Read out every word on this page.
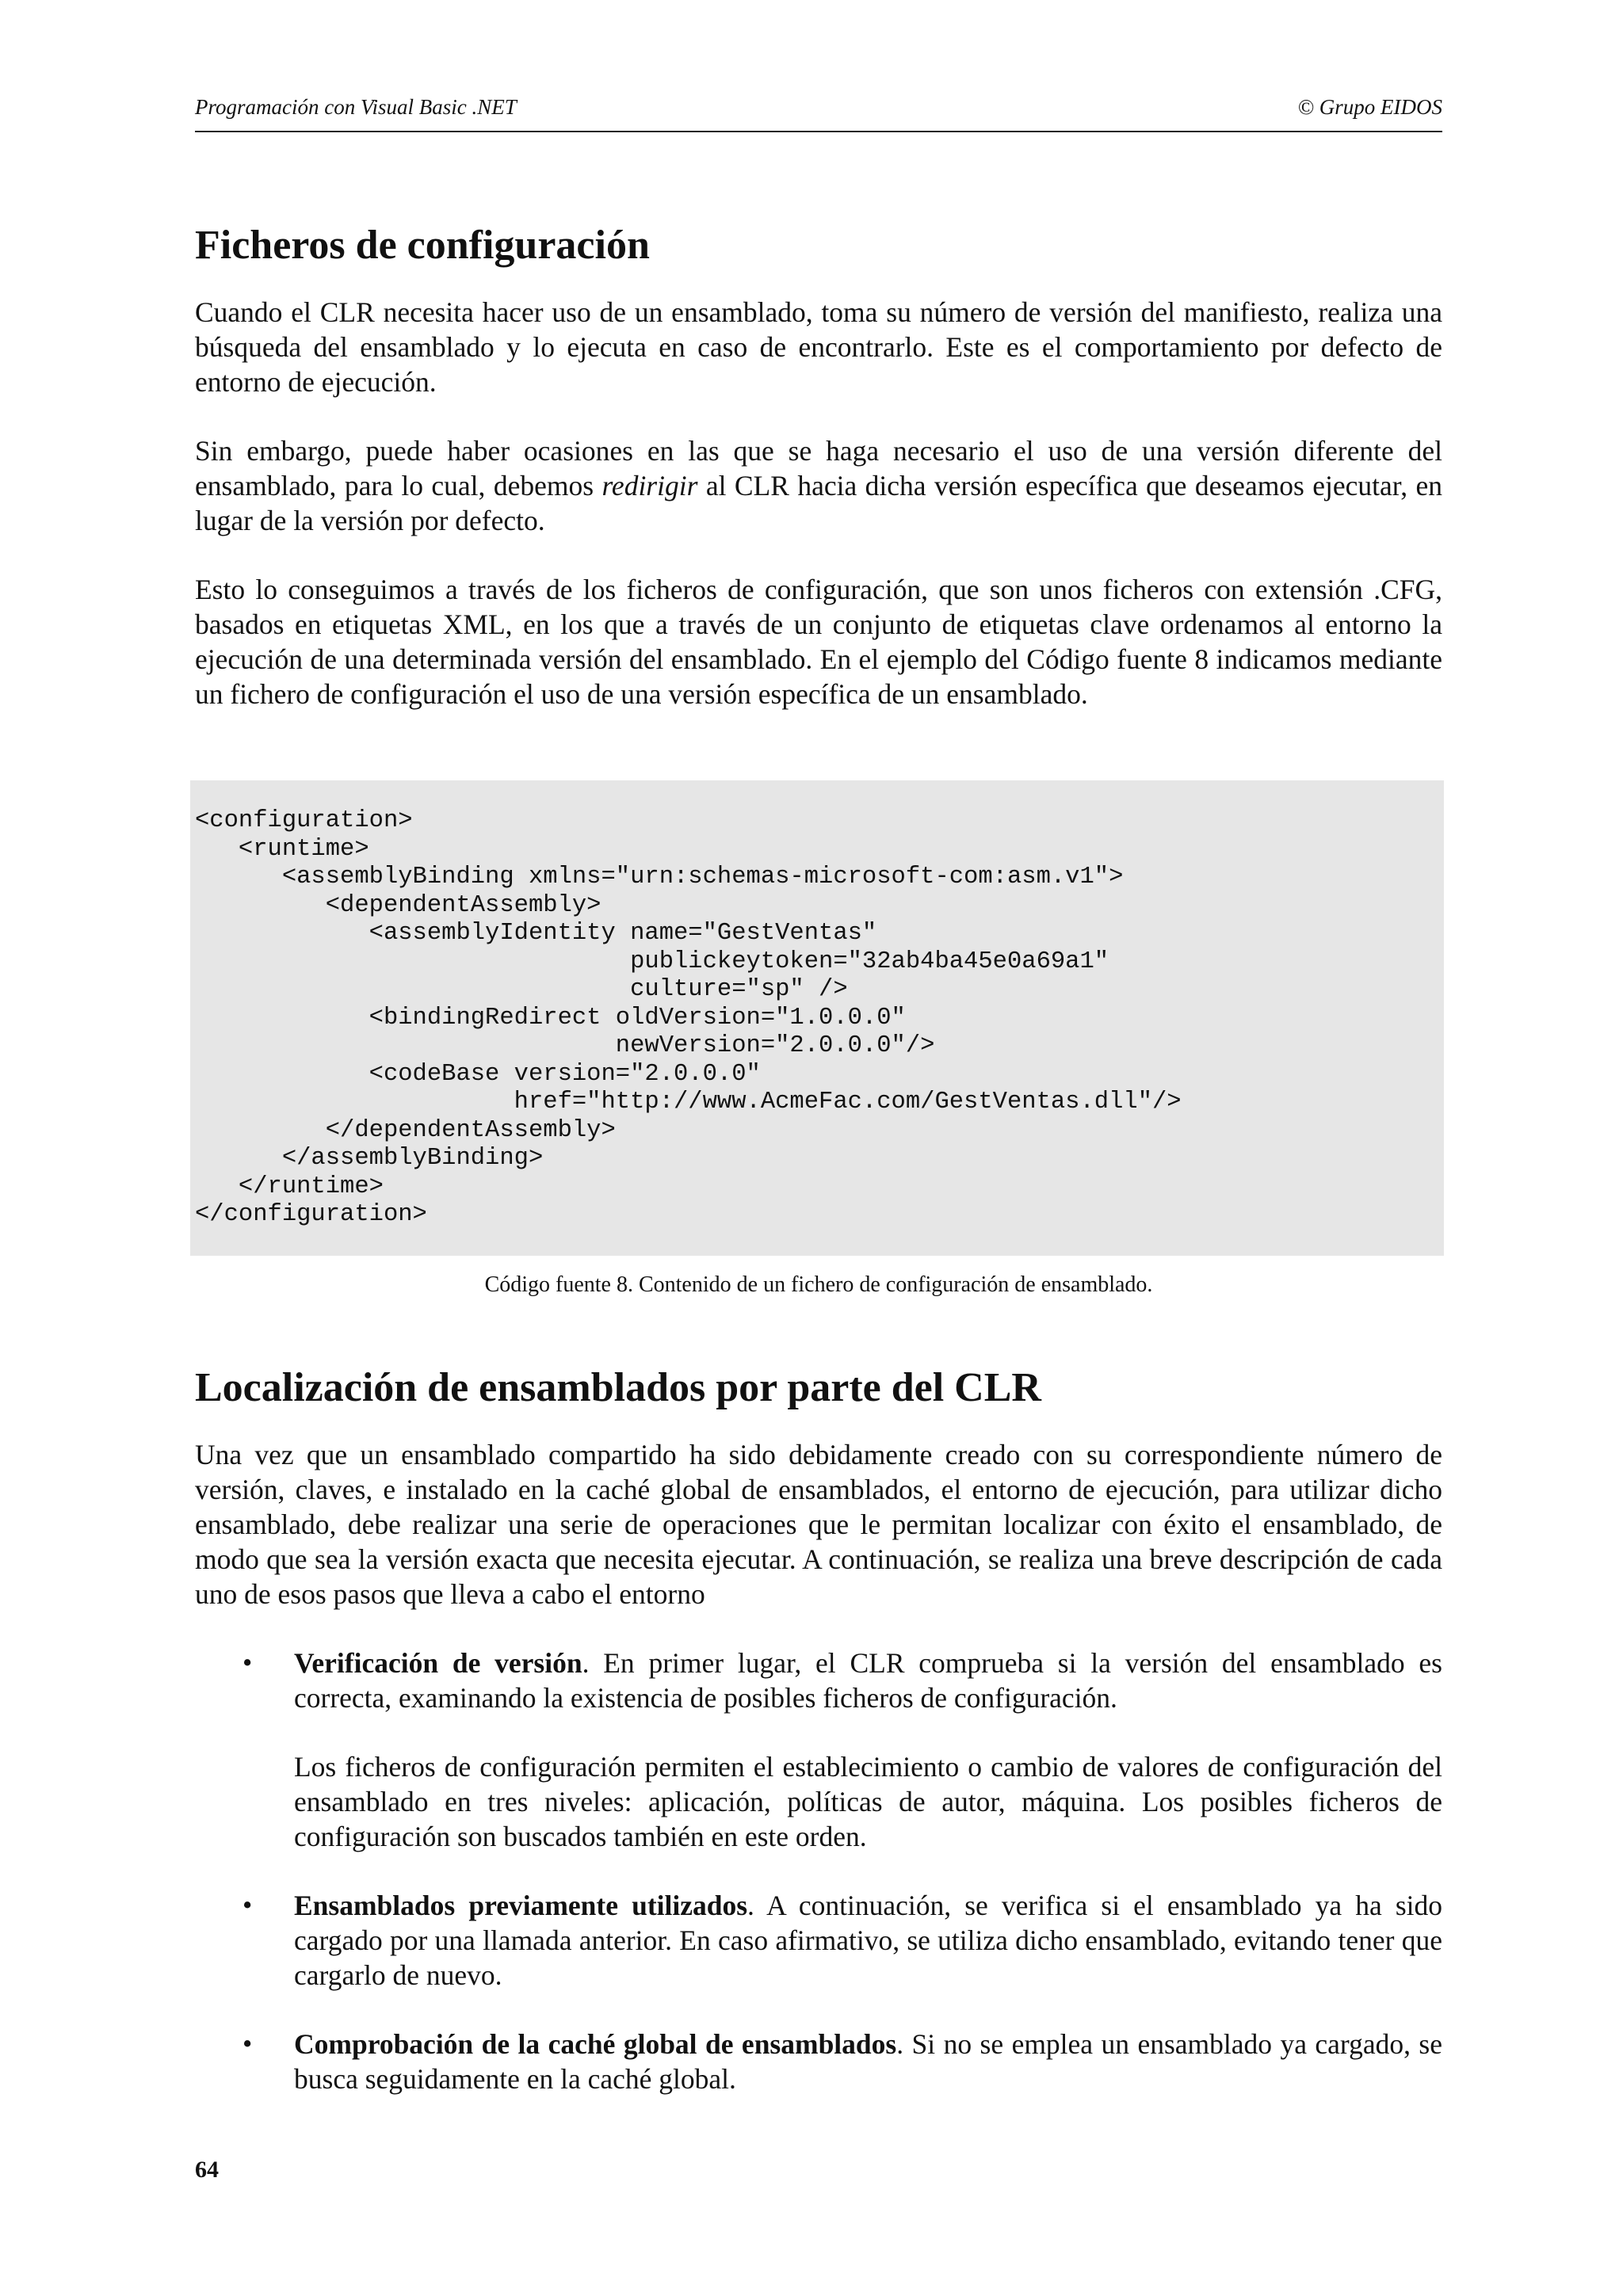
Programación con Visual Basic .NET	© Grupo EIDOS
Ficheros de configuración

Cuando el CLR necesita hacer uso de un ensamblado, toma su número de versión del manifiesto, realiza una búsqueda del ensamblado y lo ejecuta en caso de encontrarlo. Este es el comportamiento por defecto de entorno de ejecución.

Sin embargo, puede haber ocasiones en las que se haga necesario el uso de una versión diferente del ensamblado, para lo cual, debemos redirigir al CLR hacia dicha versión específica que deseamos ejecutar, en lugar de la versión por defecto.

Esto lo conseguimos a través de los ficheros de configuración, que son unos ficheros con extensión .CFG, basados en etiquetas XML, en los que a través de un conjunto de etiquetas clave ordenamos al entorno la ejecución de una determinada versión del ensamblado. En el ejemplo del Código fuente 8 indicamos mediante un fichero de configuración el uso de una versión específica de un ensamblado.

<configuration>
<runtime>
<assemblyBinding xmlns="urn:schemas-microsoft-com:asm.v1">
<dependentAssembly>
<assemblyIdentity name="GestVentas"
publickeytoken="32ab4ba45e0a69a1"
culture="sp" />
<bindingRedirect oldVersion="1.0.0.0"
newVersion="2.0.0.0"/>
<codeBase version="2.0.0.0"
href="http://www.AcmeFac.com/GestVentas.dll"/>
</dependentAssembly>
</assemblyBinding>
</runtime>
</configuration>
Código fuente 8. Contenido de un fichero de configuración de ensamblado.
Localización de ensamblados por parte del CLR

Una vez que un ensamblado compartido ha sido debidamente creado con su correspondiente número de versión, claves, e instalado en la caché global de ensamblados, el entorno de ejecución, para utilizar dicho ensamblado, debe realizar una serie de operaciones que le permitan localizar con éxito el ensamblado, de modo que sea la versión exacta que necesita ejecutar. A continuación, se realiza una breve descripción de cada uno de esos pasos que lleva a cabo el entorno

• Verificación de versión. En primer lugar, el CLR comprueba si la versión del ensamblado es correcta, examinando la existencia de posibles ficheros de configuración.

Los ficheros de configuración permiten el establecimiento o cambio de valores de configuración del ensamblado en tres niveles: aplicación, políticas de autor, máquina. Los posibles ficheros de configuración son buscados también en este orden.

• Ensamblados previamente utilizados. A continuación, se verifica si el ensamblado ya ha sido cargado por una llamada anterior. En caso afirmativo, se utiliza dicho ensamblado, evitando tener que cargarlo de nuevo.

• Comprobación de la caché global de ensamblados. Si no se emplea un ensamblado ya cargado, se busca seguidamente en la caché global.

64
